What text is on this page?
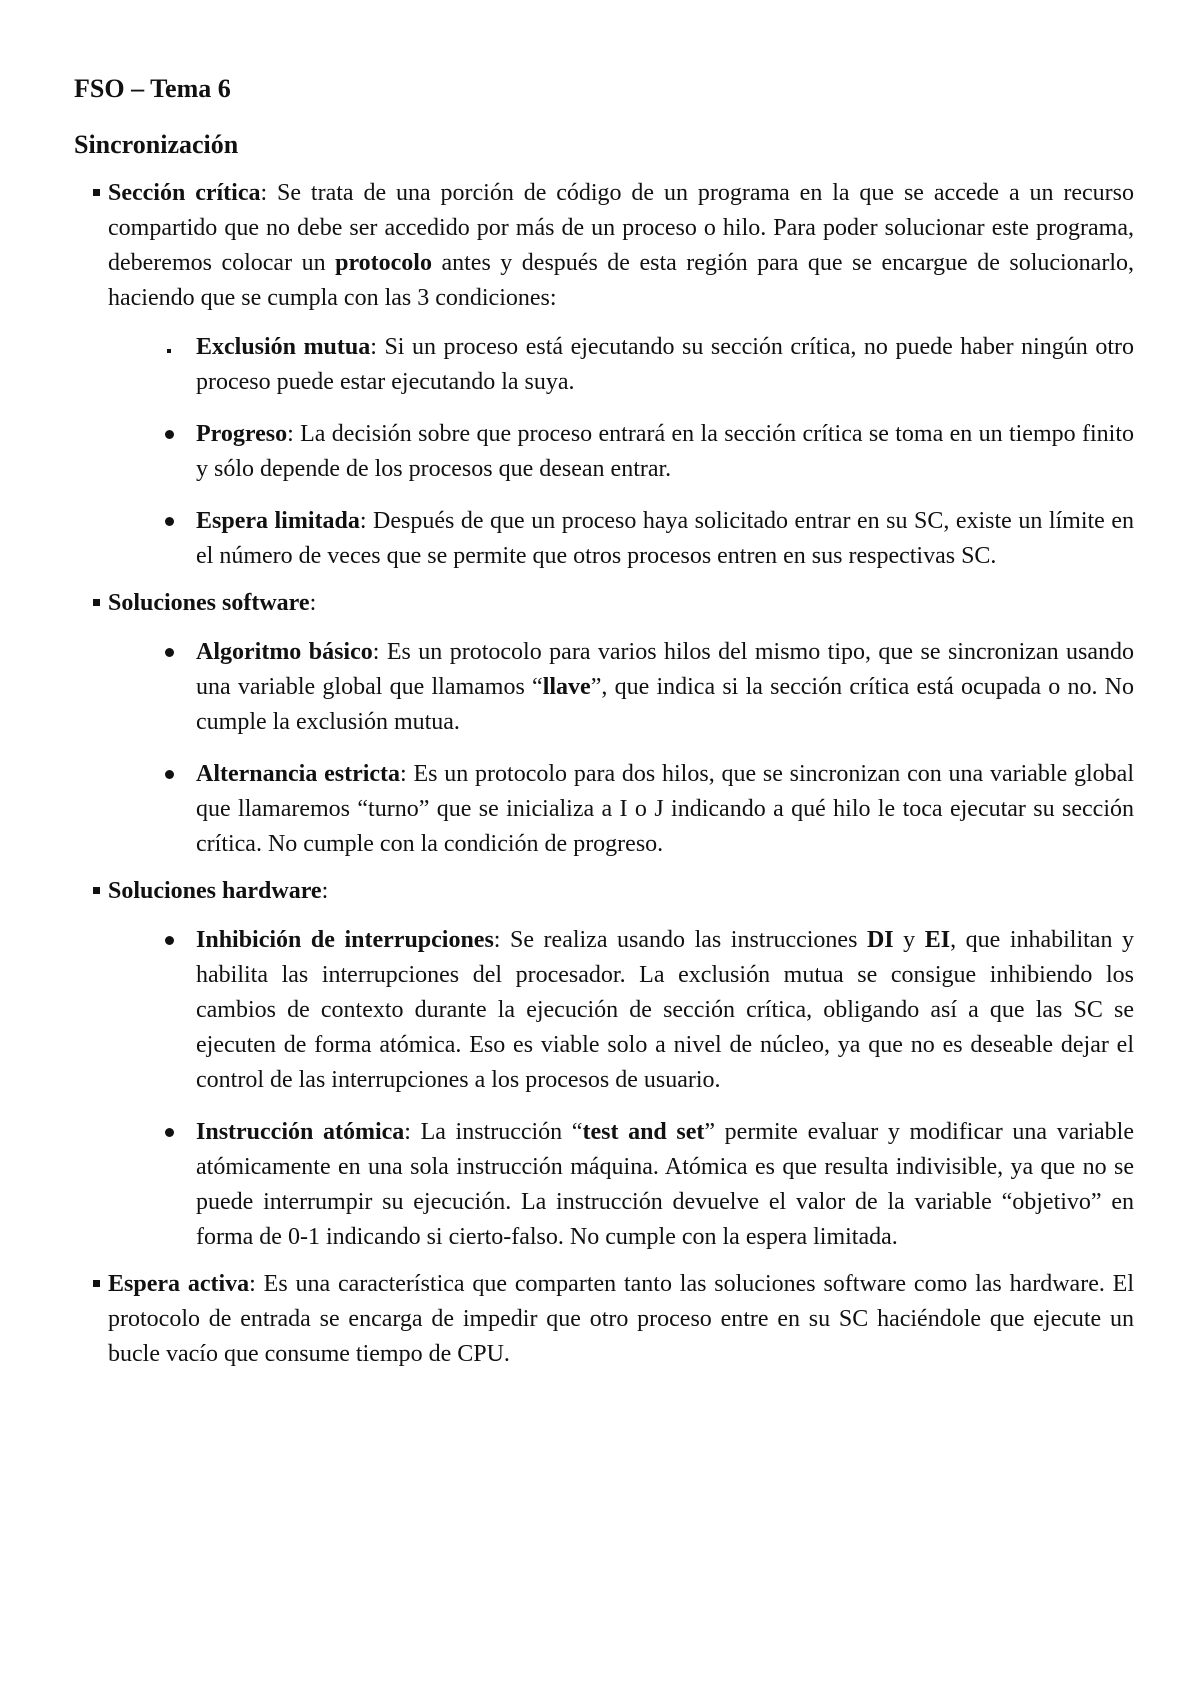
FSO – Tema 6
Sincronización
Sección crítica: Se trata de una porción de código de un programa en la que se accede a un recurso compartido que no debe ser accedido por más de un proceso o hilo. Para poder solucionar este programa, deberemos colocar un protocolo antes y después de esta región para que se encargue de solucionarlo, haciendo que se cumpla con las 3 condiciones:
Exclusión mutua: Si un proceso está ejecutando su sección crítica, no puede haber ningún otro proceso puede estar ejecutando la suya.
Progreso: La decisión sobre que proceso entrará en la sección crítica se toma en un tiempo finito y sólo depende de los procesos que desean entrar.
Espera limitada: Después de que un proceso haya solicitado entrar en su SC, existe un límite en el número de veces que se permite que otros procesos entren en sus respectivas SC.
Soluciones software:
Algoritmo básico: Es un protocolo para varios hilos del mismo tipo, que se sincronizan usando una variable global que llamamos “llave”, que indica si la sección crítica está ocupada o no. No cumple la exclusión mutua.
Alternancia estricta: Es un protocolo para dos hilos, que se sincronizan con una variable global que llamaremos “turno” que se inicializa a I o J indicando a qué hilo le toca ejecutar su sección crítica. No cumple con la condición de progreso.
Soluciones hardware:
Inhibición de interrupciones: Se realiza usando las instrucciones DI y EI, que inhabilitan y habilita las interrupciones del procesador. La exclusión mutua se consigue inhibiendo los cambios de contexto durante la ejecución de sección crítica, obligando así a que las SC se ejecuten de forma atómica. Eso es viable solo a nivel de núcleo, ya que no es deseable dejar el control de las interrupciones a los procesos de usuario.
Instrucción atómica: La instrucción “test and set” permite evaluar y modificar una variable atómicamente en una sola instrucción máquina. Atómica es que resulta indivisible, ya que no se puede interrumpir su ejecución. La instrucción devuelve el valor de la variable “objetivo” en forma de 0-1 indicando si cierto-falso. No cumple con la espera limitada.
Espera activa: Es una característica que comparten tanto las soluciones software como las hardware. El protocolo de entrada se encarga de impedir que otro proceso entre en su SC haciéndole que ejecute un bucle vacío que consume tiempo de CPU.
